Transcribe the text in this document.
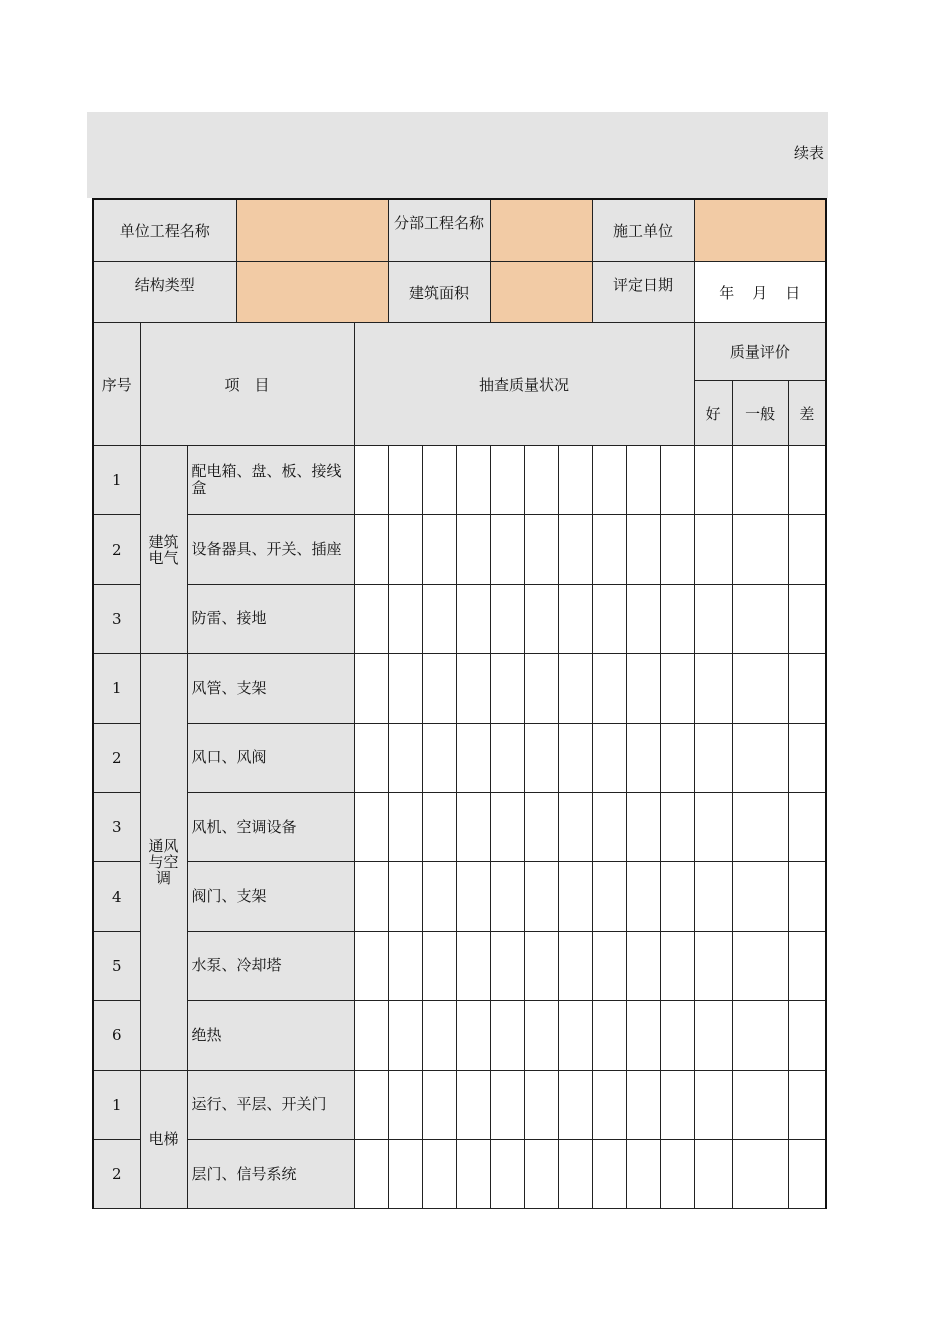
续表
单位工程名称		分部工程名称		施工单位	
结构类型		建筑面积		评定日期	年 月 日
序号	项　目		抽查质量状况										质量评价		
													好	一般	差
1	建筑电气	配电箱、盘、板、接线盒													
2		设备器具、开关、插座													
3		防雷、接地													
1	通风与空调	风管、支架													
2		风口、风阀													
3		风机、空调设备													
4		阀门、支架													
5		水泵、冷却塔													
6		绝热													
1	电梯	运行、平层、开关门													
2		层门、信号系统													
